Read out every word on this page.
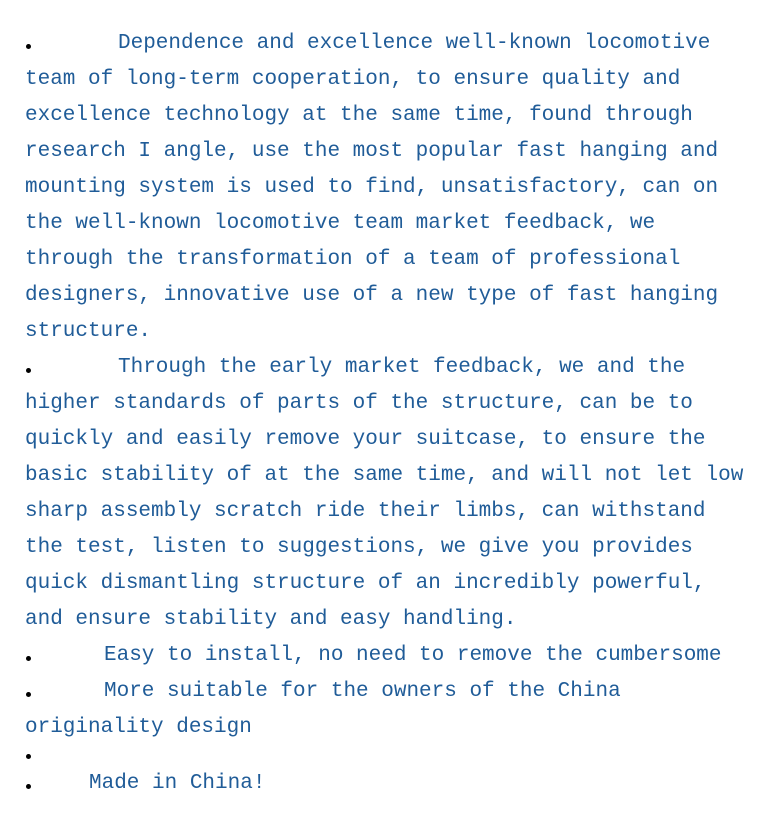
Dependence and excellence well-known locomotive team of long-term cooperation, to ensure quality and excellence technology at the same time, found through research I angle, use the most popular fast hanging and mounting system is used to find, unsatisfactory, can on the well-known locomotive team market feedback, we through the transformation of a team of professional designers, innovative use of a new type of fast hanging structure.
Through the early market feedback, we and the higher standards of parts of the structure, can be to quickly and easily remove your suitcase, to ensure the basic stability of at the same time, and will not let low sharp assembly scratch ride their limbs, can withstand the test, listen to suggestions, we give you provides quick dismantling structure of an incredibly powerful, and ensure stability and easy handling.
Easy to install, no need to remove the cumbersome
More suitable for the owners of the China originality design
Made in China!
